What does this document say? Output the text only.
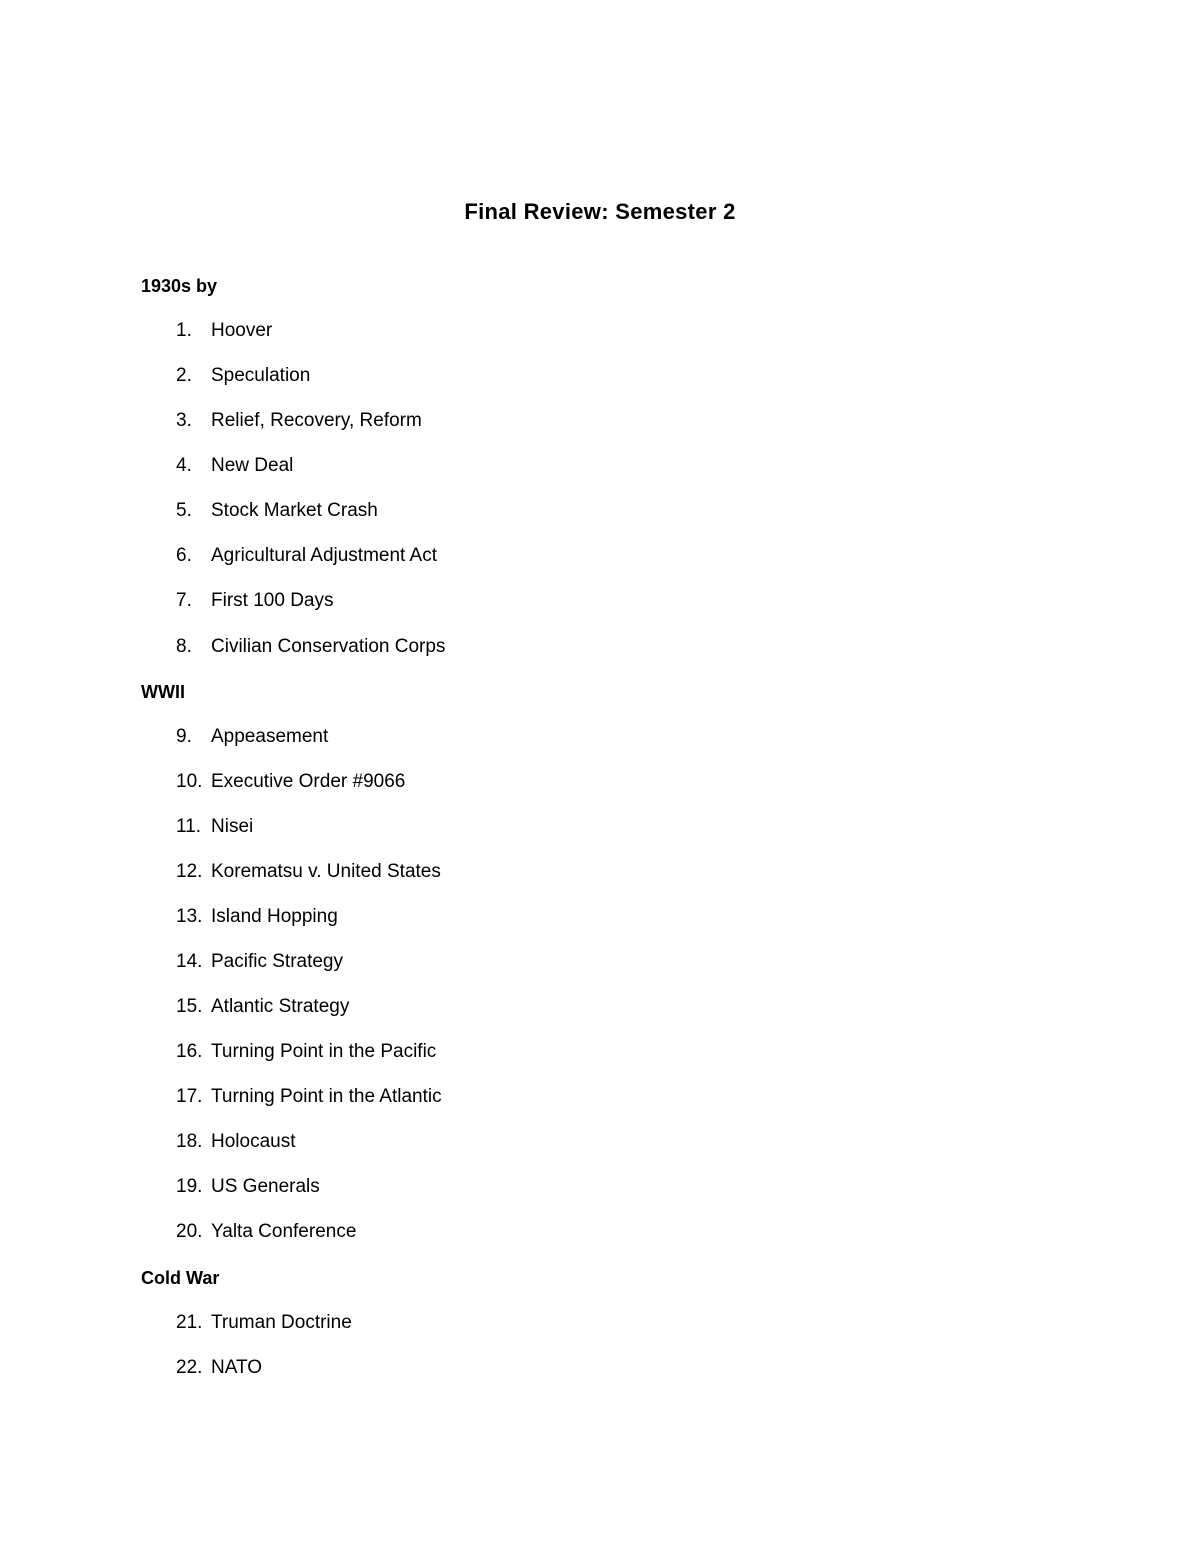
Final Review: Semester 2
1930s by
1. Hoover
2. Speculation
3. Relief, Recovery, Reform
4. New Deal
5. Stock Market Crash
6. Agricultural Adjustment Act
7. First 100 Days
8. Civilian Conservation Corps
WWII
9. Appeasement
10. Executive Order #9066
11. Nisei
12. Korematsu v. United States
13. Island Hopping
14. Pacific Strategy
15. Atlantic Strategy
16. Turning Point in the Pacific
17. Turning Point in the Atlantic
18. Holocaust
19. US Generals
20. Yalta Conference
Cold War
21. Truman Doctrine
22. NATO
